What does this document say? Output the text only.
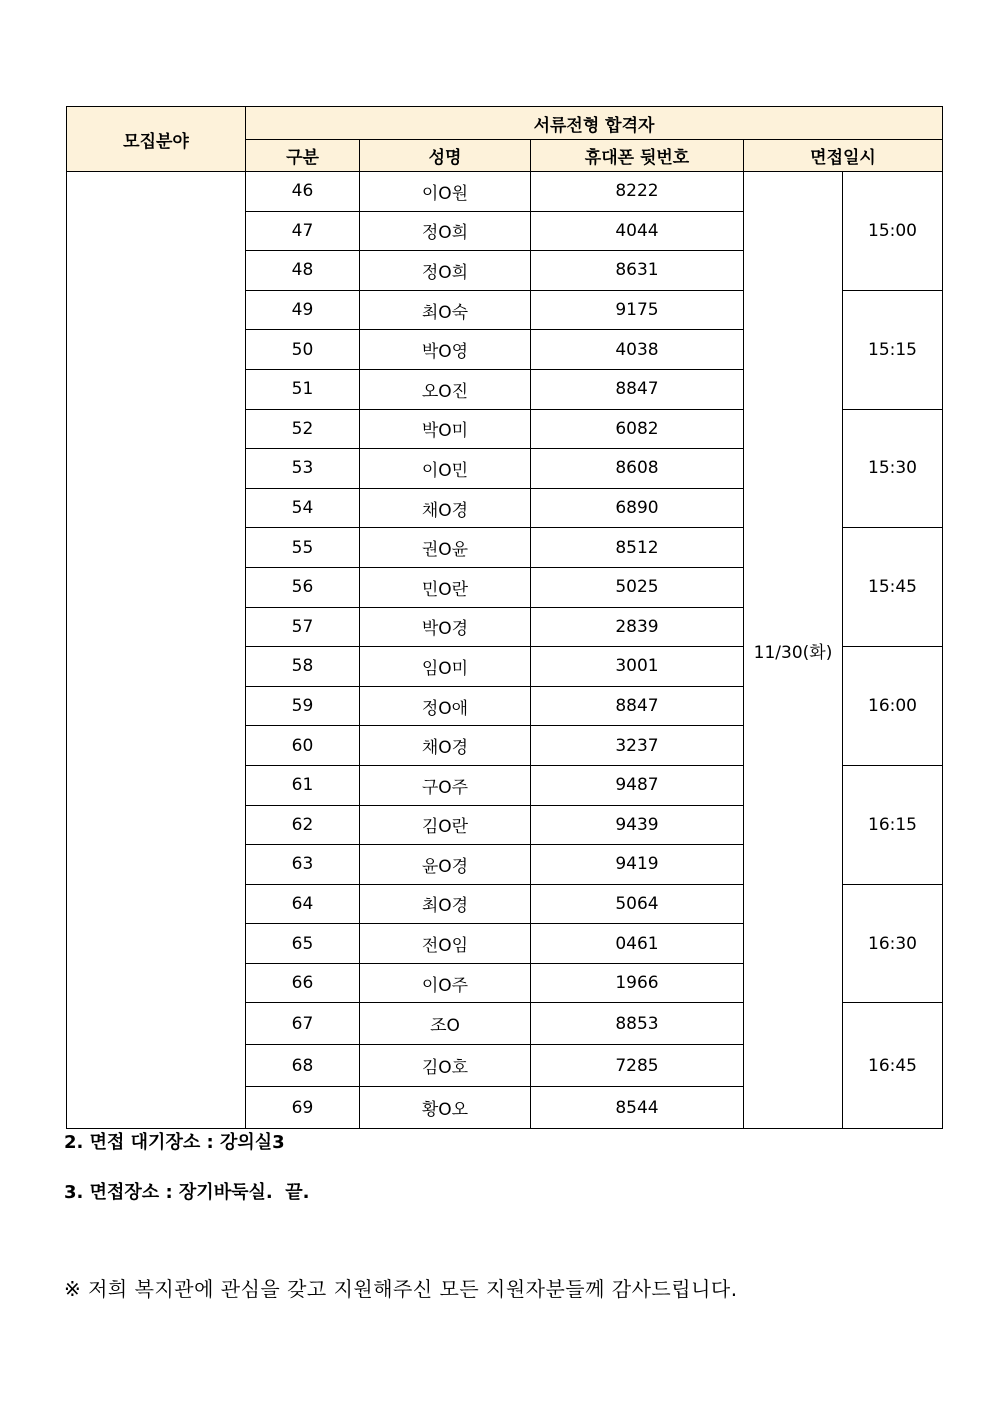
모집분야	서류전형 합격자				
	구분	성명	휴대폰 뒷번호	면접일시	
	46	이O원	8222	11/30(화)	15:00
	47	정O희	4044		
	48	정O희	8631		
	49	최O숙	9175		15:15
	50	박O영	4038		
	51	오O진	8847		
	52	박O미	6082		15:30
	53	이O민	8608		
	54	채O경	6890		
	55	권O윤	8512		15:45
	56	민O란	5025		
	57	박O경	2839		
	58	임O미	3001		16:00
	59	정O애	8847		
	60	채O경	3237		
	61	구O주	9487		16:15
	62	김O란	9439		
	63	윤O경	9419		
	64	최O경	5064		16:30
	65	전O임	0461		
	66	이O주	1966		
	67	조O	8853		16:45
	68	김O호	7285		
	69	황O오	8544		
2. 면접 대기장소 : 강의실3
3. 면접장소 : 장기바둑실.  끝.
※ 저희 복지관에 관심을 갖고 지원해주신 모든 지원자분들께 감사드립니다.
